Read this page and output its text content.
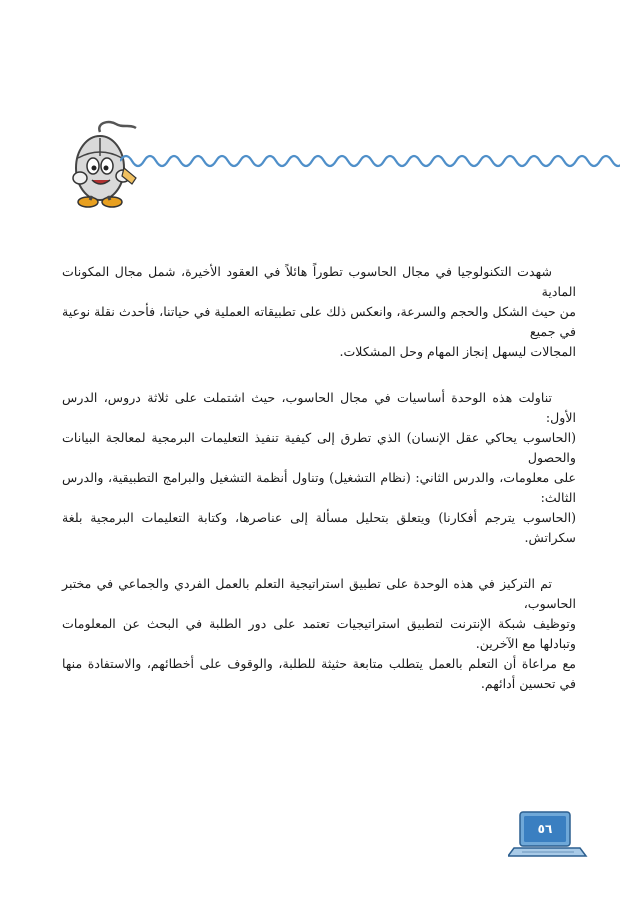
شهدت التكنولوجيا في مجال الحاسوب تطوراً هائلاً في العقود الأخيرة، شمل مجال المكونات المادية

من حيث الشكل والحجم والسرعة، وانعكس ذلك على تطبيقاته العملية في حياتنا، فأحدث نقلة نوعية في جميع

المجالات ليسهل إنجاز المهام وحل المشكلات.

تناولت هذه الوحدة أساسيات في مجال الحاسوب، حيث اشتملت على ثلاثة دروس، الدرس الأول:

(الحاسوب يحاكي عقل الإنسان) الذي تطرق إلى كيفية تنفيذ التعليمات البرمجية لمعالجة البيانات والحصول

على معلومات، والدرس الثاني: (نظام التشغيل) وتناول أنظمة التشغيل والبرامج التطبيقية، والدرس الثالث:

(الحاسوب يترجم أفكارنا) ويتعلق بتحليل مسألة إلى عناصرها، وكتابة التعليمات البرمجية بلغة سكراتش.

تم التركيز في هذه الوحدة على تطبيق استراتيجية التعلم بالعمل الفردي والجماعي في مختبر الحاسوب،

وتوظيف شبكة الإنترنت لتطبيق استراتيجيات تعتمد على دور الطلبة في البحث عن المعلومات وتبادلها مع الآخرين.

مع مراعاة أن التعلم بالعمل يتطلب متابعة حثيثة للطلبة، والوقوف على أخطائهم، والاستفادة منها في تحسين أدائهم.

٥٦
